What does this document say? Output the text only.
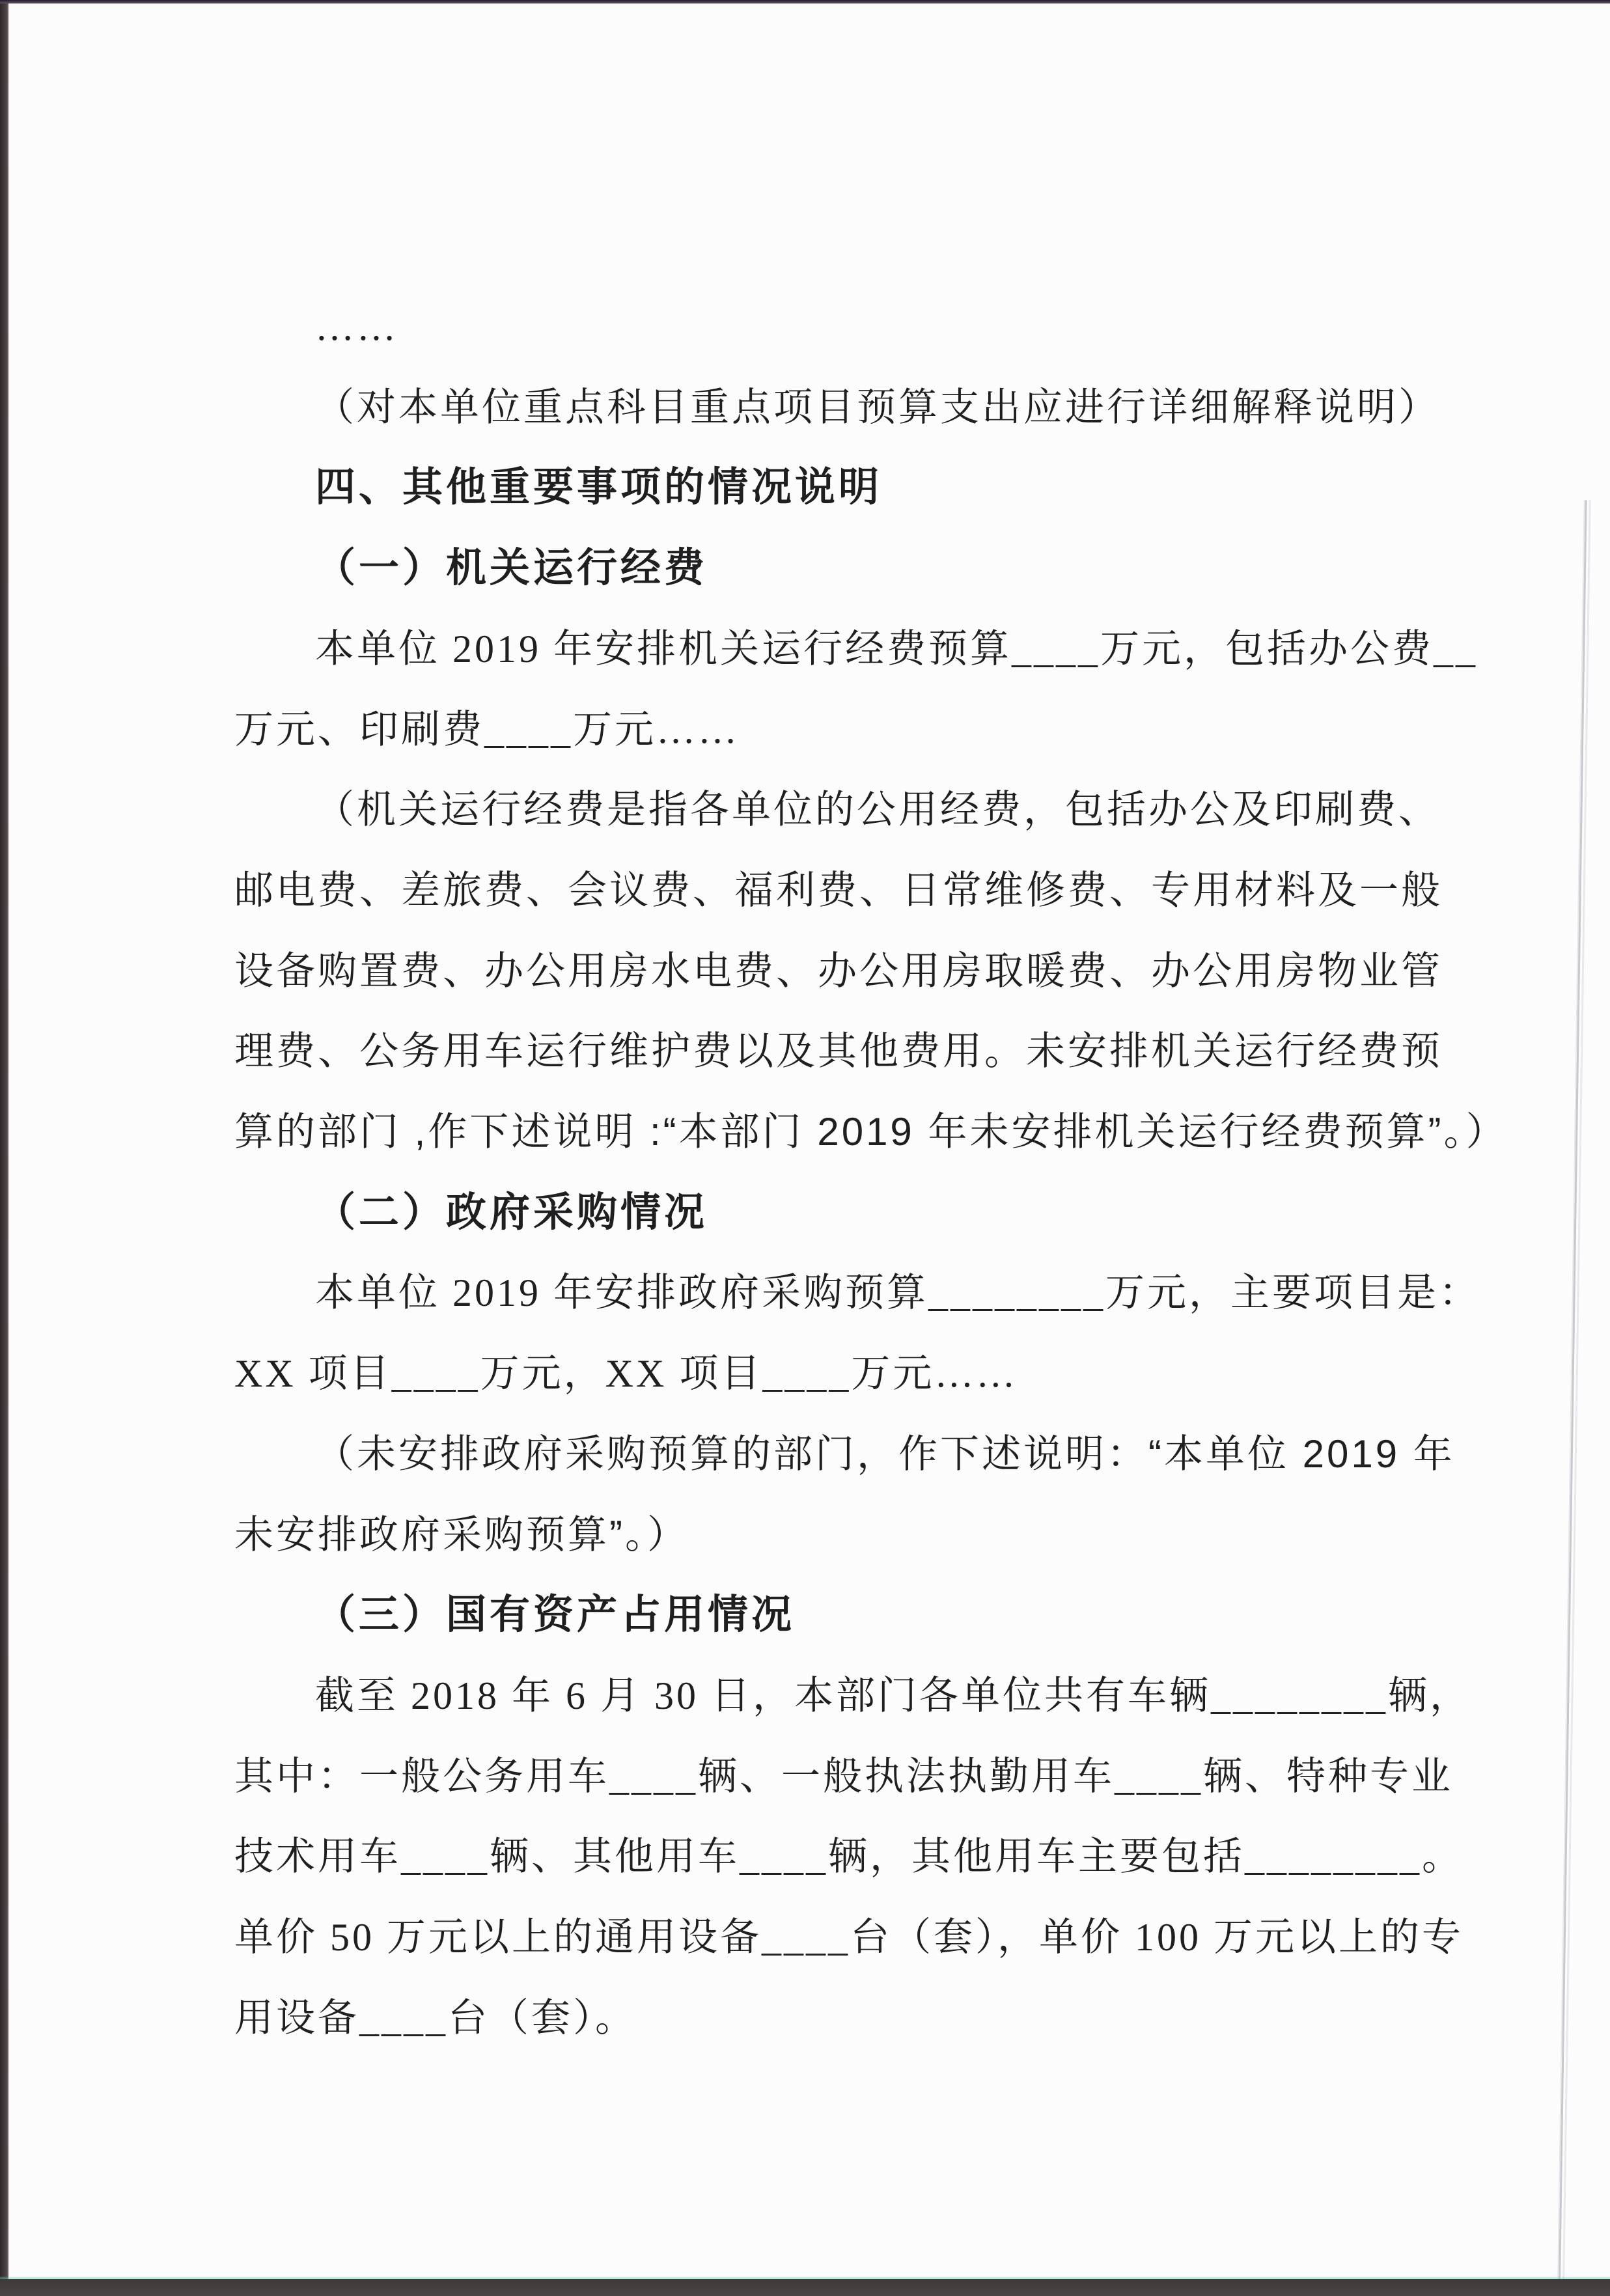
……
（对本单位重点科目重点项目预算支出应进行详细解释说明）
四、其他重要事项的情况说明
（一）机关运行经费
本单位 2019 年安排机关运行经费预算____万元，包括办公费__
万元、印刷费____万元……
（机关运行经费是指各单位的公用经费，包括办公及印刷费、
邮电费、差旅费、会议费、福利费、日常维修费、专用材料及一般
设备购置费、办公用房水电费、办公用房取暖费、办公用房物业管
理费、公务用车运行维护费以及其他费用。未安排机关运行经费预
算的部门 ,作下述说明 :“本部门 2019 年未安排机关运行经费预算”。）
（二）政府采购情况
本单位 2019 年安排政府采购预算________万元，主要项目是：
XX 项目____万元，XX 项目____万元……
（未安排政府采购预算的部门，作下述说明：“本单位 2019 年
未安排政府采购预算”。）
（三）国有资产占用情况
截至 2018 年 6 月 30 日，本部门各单位共有车辆________辆，
其中：一般公务用车____辆、一般执法执勤用车____辆、特种专业
技术用车____辆、其他用车____辆，其他用车主要包括________。
单价 50 万元以上的通用设备____台（套），单价 100 万元以上的专
用设备____台（套）。
